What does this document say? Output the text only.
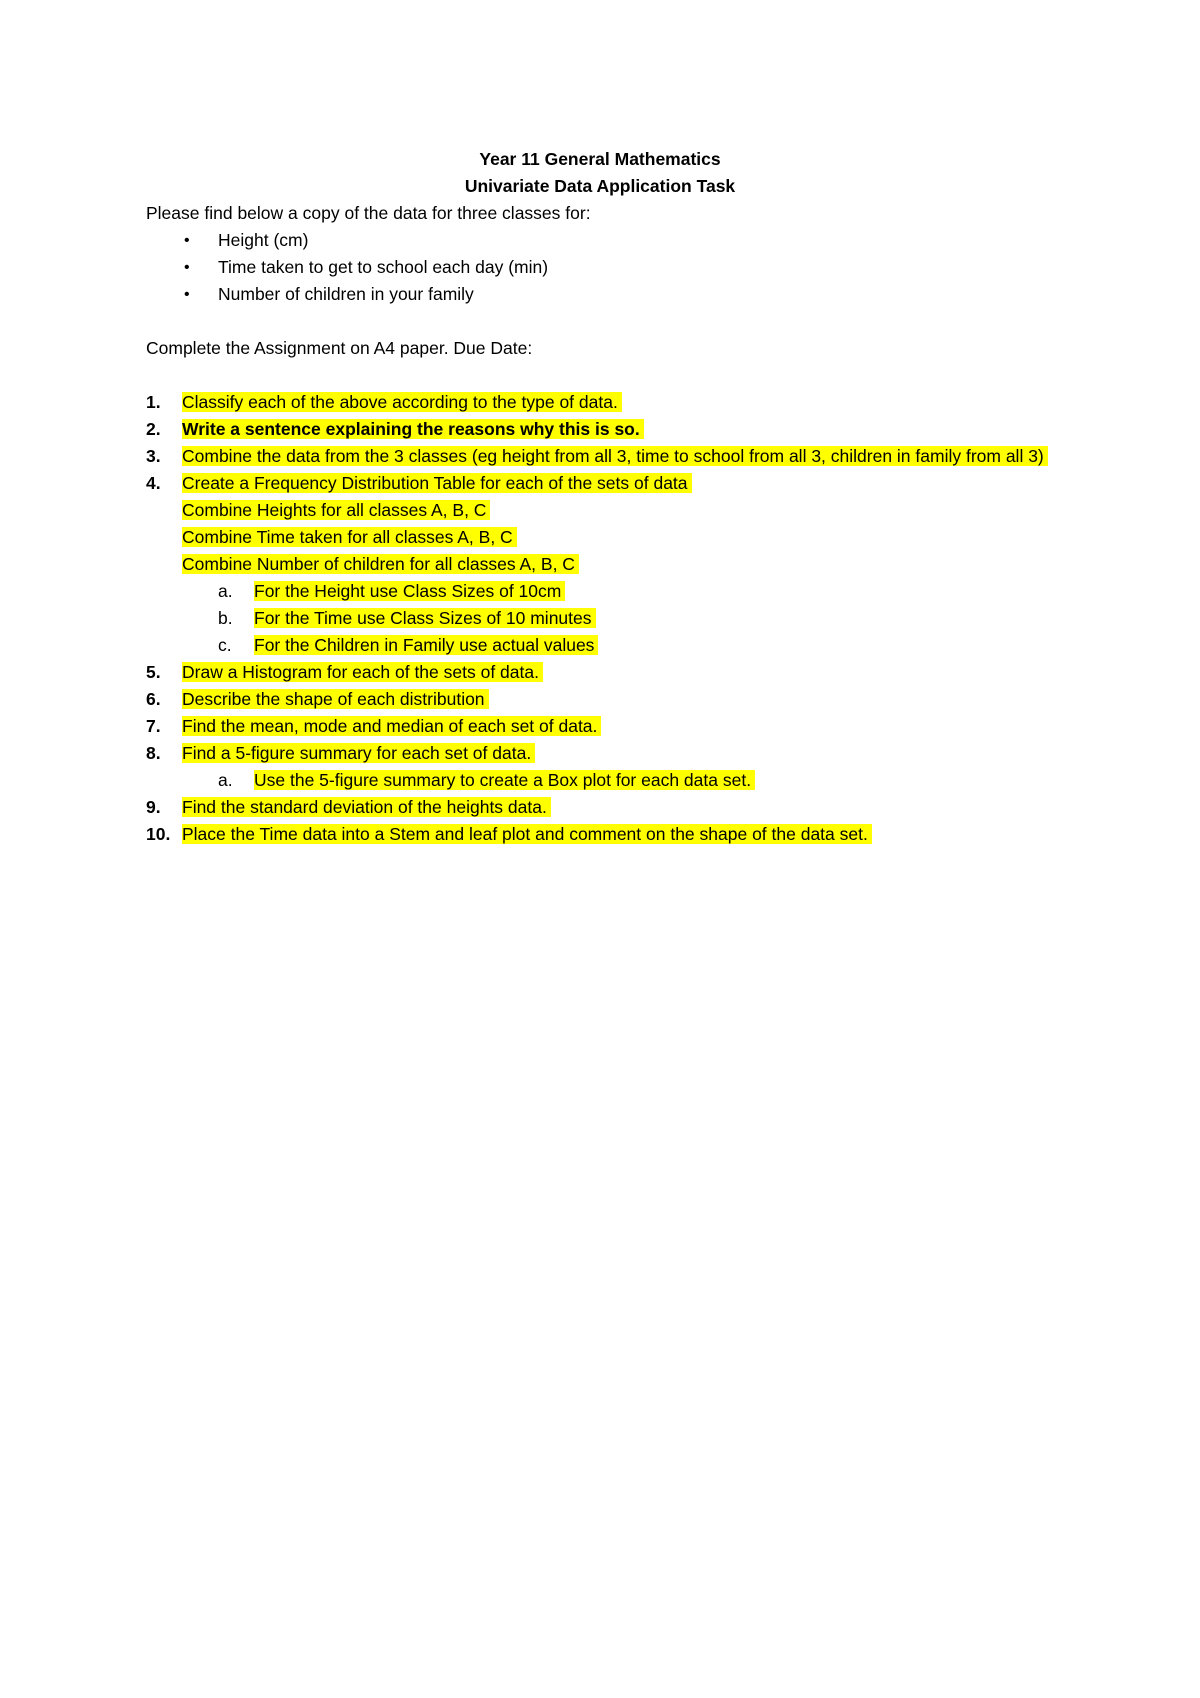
Year 11 General Mathematics
Univariate Data Application Task

Please find below a copy of the data for three classes for:

• Height (cm)
• Time taken to get to school each day (min)
• Number of children in your family

Complete the Assignment on A4 paper. Due Date:

1. Classify each of the above according to the type of data.
2. Write a sentence explaining the reasons why this is so.
3. Combine the data from the 3 classes (eg height from all 3, time to school from all 3, children in family from all 3)
4. Create a Frequency Distribution Table for each of the sets of data
Combine Heights for all classes A, B, C
Combine Time taken for all classes A, B, C
Combine Number of children for all classes A, B, C
a. For the Height use Class Sizes of 10cm
b. For the Time use Class Sizes of 10 minutes
c. For the Children in Family use actual values
5. Draw a Histogram for each of the sets of data.
6. Describe the shape of each distribution
7. Find the mean, mode and median of each set of data.
8. Find a 5-figure summary for each set of data.
a. Use the 5-figure summary to create a Box plot for each data set.
9. Find the standard deviation of the heights data.
10. Place the Time data into a Stem and leaf plot and comment on the shape of the data set.
